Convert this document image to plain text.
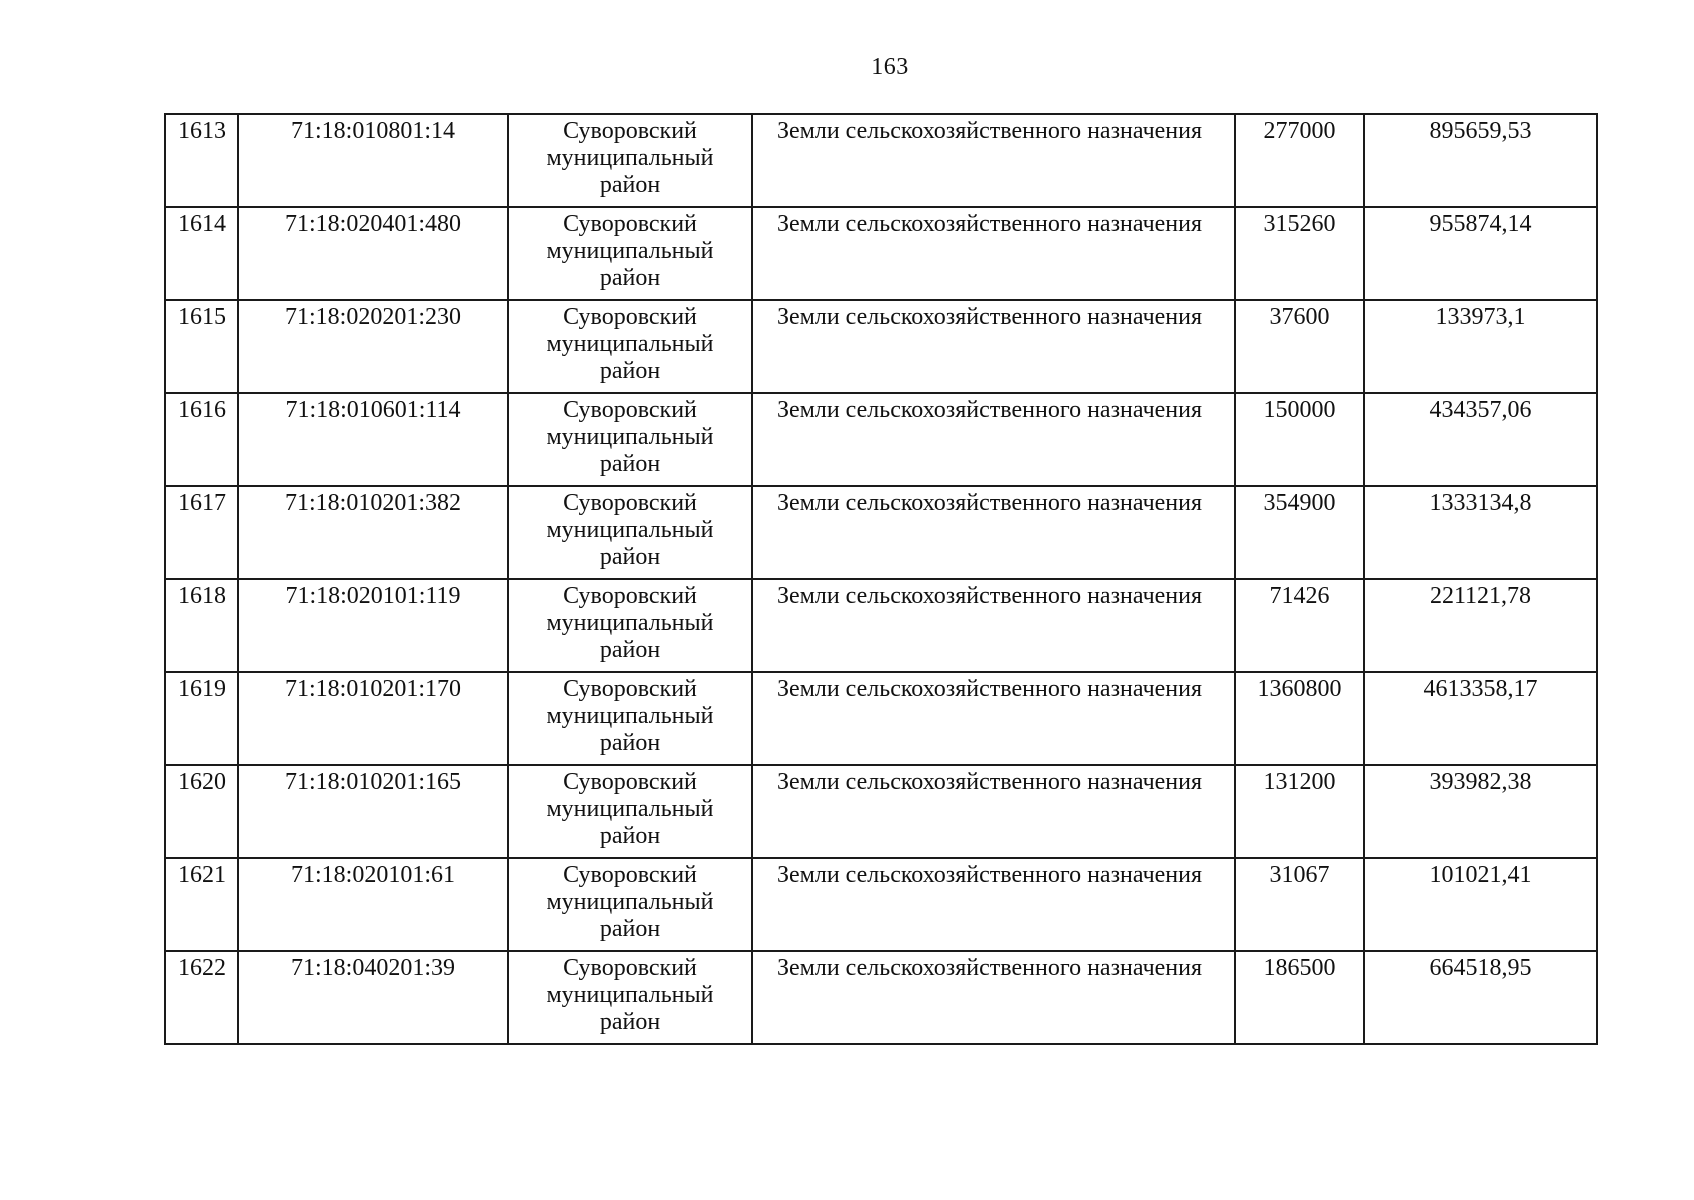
163
1613	71:18:010801:14	Суворовский муниципальный район	Земли сельскохозяйственного назначения	277000	895659,53
1614	71:18:020401:480	Суворовский муниципальный район	Земли сельскохозяйственного назначения	315260	955874,14
1615	71:18:020201:230	Суворовский муниципальный район	Земли сельскохозяйственного назначения	37600	133973,1
1616	71:18:010601:114	Суворовский муниципальный район	Земли сельскохозяйственного назначения	150000	434357,06
1617	71:18:010201:382	Суворовский муниципальный район	Земли сельскохозяйственного назначения	354900	1333134,8
1618	71:18:020101:119	Суворовский муниципальный район	Земли сельскохозяйственного назначения	71426	221121,78
1619	71:18:010201:170	Суворовский муниципальный район	Земли сельскохозяйственного назначения	1360800	4613358,17
1620	71:18:010201:165	Суворовский муниципальный район	Земли сельскохозяйственного назначения	131200	393982,38
1621	71:18:020101:61	Суворовский муниципальный район	Земли сельскохозяйственного назначения	31067	101021,41
1622	71:18:040201:39	Суворовский муниципальный район	Земли сельскохозяйственного назначения	186500	664518,95
